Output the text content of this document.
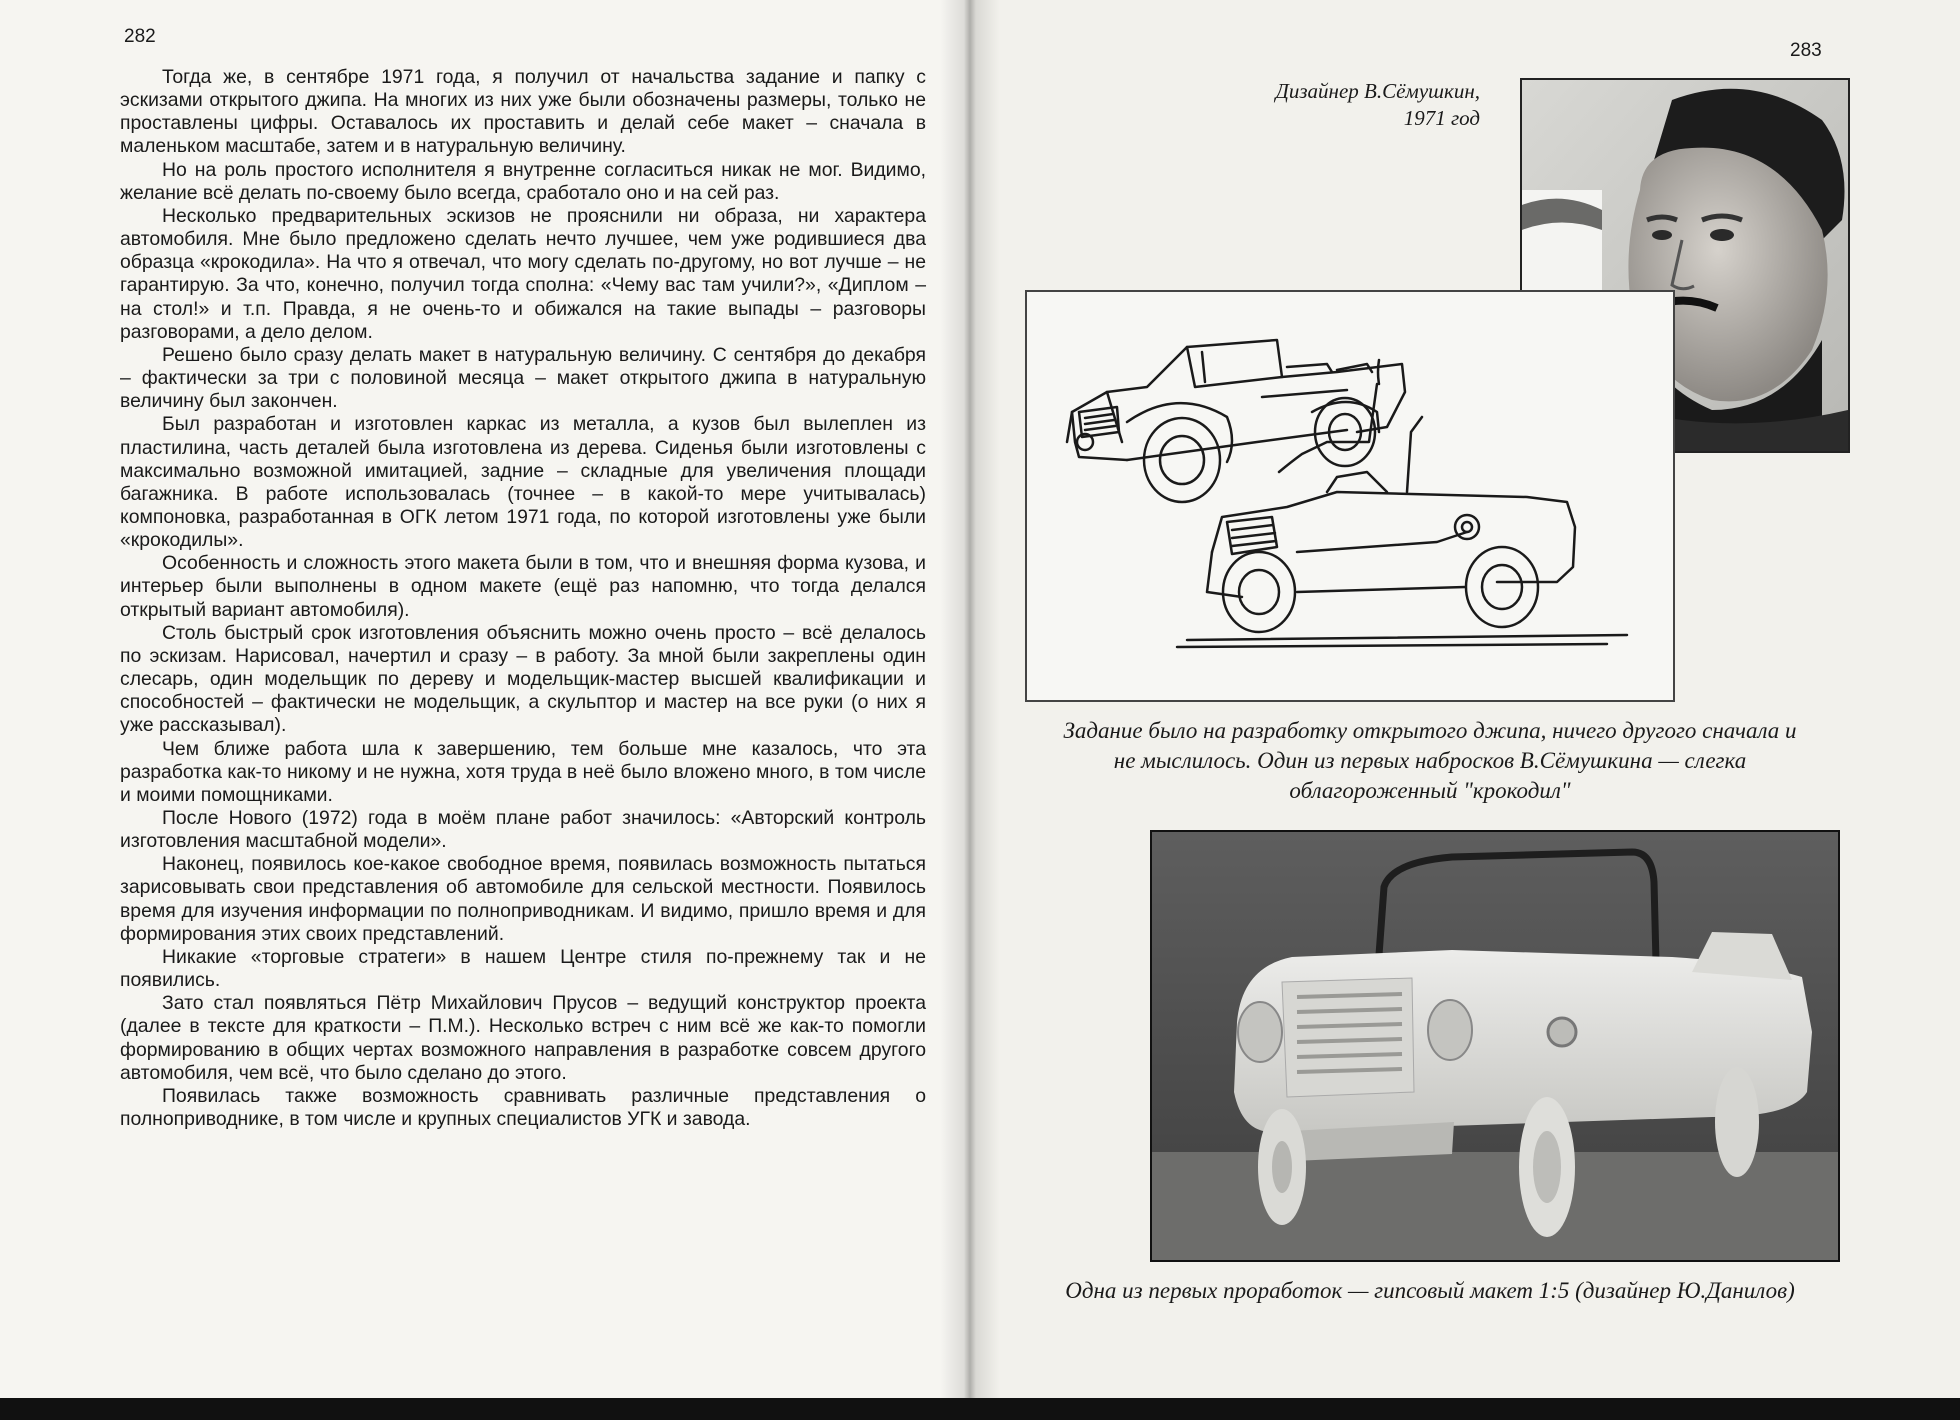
282

Тогда же, в сентябре 1971 года, я получил от начальства задание и папку с эскизами открытого джипа. На многих из них уже были обозначены размеры, только не проставлены цифры. Оставалось их проставить и делай себе макет – сначала в маленьком масштабе, затем и в натуральную величину.

Но на роль простого исполнителя я внутренне согласиться никак не мог. Видимо, желание всё делать по-своему было всегда, сработало оно и на сей раз.

Несколько предварительных эскизов не прояснили ни образа, ни характера автомобиля. Мне было предложено сделать нечто лучшее, чем уже родившиеся два образца «крокодила». На что я отвечал, что могу сделать по-другому, но вот лучше – не гарантирую. За что, конечно, получил тогда сполна: «Чему вас там учили?», «Диплом – на стол!» и т.п. Правда, я не очень-то и обижался на такие выпады – разговоры разговорами, а дело делом.

Решено было сразу делать макет в натуральную величину. С сентября до декабря – фактически за три с половиной месяца – макет открытого джипа в натуральную величину был закончен.

Был разработан и изготовлен каркас из металла, а кузов был вылеплен из пластилина, часть деталей была изготовлена из дерева. Сиденья были изготовлены с максимально возможной имитацией, задние – складные для увеличения площади багажника. В работе использовалась (точнее – в какой-то мере учитывалась) компоновка, разработанная в ОГК летом 1971 года, по которой изготовлены уже были «крокодилы».

Особенность и сложность этого макета были в том, что и внешняя форма кузова, и интерьер были выполнены в одном макете (ещё раз напомню, что тогда делался открытый вариант автомобиля).

Столь быстрый срок изготовления объяснить можно очень просто – всё делалось по эскизам. Нарисовал, начертил и сразу – в работу. За мной были закреплены один слесарь, один модельщик по дереву и модельщик-мастер высшей квалификации и способностей – фактически не модельщик, а скульптор и мастер на все руки (о них я уже рассказывал).

Чем ближе работа шла к завершению, тем больше мне казалось, что эта разработка как-то никому и не нужна, хотя труда в неё было вложено много, в том числе и моими помощниками.

После Нового (1972) года в моём плане работ значилось: «Авторский контроль изготовления масштабной модели».

Наконец, появилось кое-какое свободное время, появилась возможность пытаться зарисовывать свои представления об автомобиле для сельской местности. Появилось время для изучения информации по полноприводникам. И видимо, пришло время и для формирования этих своих представлений.

Никакие «торговые стратеги» в нашем Центре стиля по-прежнему так и не появились.

Зато стал появляться Пётр Михайлович Прусов – ведущий конструктор проекта (далее в тексте для краткости – П.М.). Несколько встреч с ним всё же как-то помогли формированию в общих чертах возможного направления в разработке совсем другого автомобиля, чем всё, что было сделано до этого.

Появилась также возможность сравнивать различные представления о полноприводнике, в том числе и крупных специалистов УГК и завода.

283
Дизайнер В.Сёмушкин,
1971 год
Задание было на разработку открытого джипа, ничего другого сначала и
не мыслилось. Один из первых набросков В.Сёмушкина — слегка
облагороженный "крокодил"
Одна из первых проработок — гипсовый макет 1:5 (дизайнер Ю.Данилов)
